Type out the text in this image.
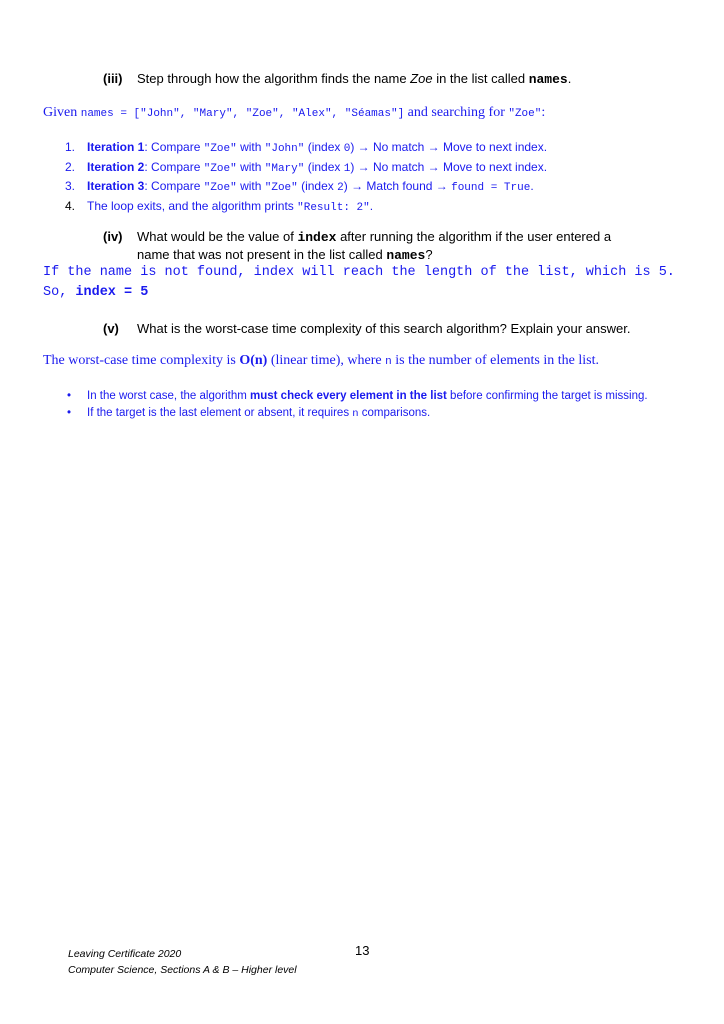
(iii) Step through how the algorithm finds the name Zoe in the list called names.
Given names = ["John", "Mary", "Zoe", "Alex", "Séamas"] and searching for "Zoe":
1. Iteration 1: Compare "Zoe" with "John" (index 0) → No match → Move to next index.
2. Iteration 2: Compare "Zoe" with "Mary" (index 1) → No match → Move to next index.
3. Iteration 3: Compare "Zoe" with "Zoe" (index 2) → Match found → found = True.
4. The loop exits, and the algorithm prints "Result: 2".
(iv) What would be the value of index after running the algorithm if the user entered a
name that was not present in the list called names?
If the name is not found, index will reach the length of the list, which is 5.
So, index = 5
(v) What is the worst-case time complexity of this search algorithm? Explain your answer.
The worst-case time complexity is O(n) (linear time), where n is the number of elements in the list.
• In the worst case, the algorithm must check every element in the list before confirming the target is missing.
• If the target is the last element or absent, it requires n comparisons.
Leaving Certificate 2020
Computer Science, Sections A & B – Higher level
13
